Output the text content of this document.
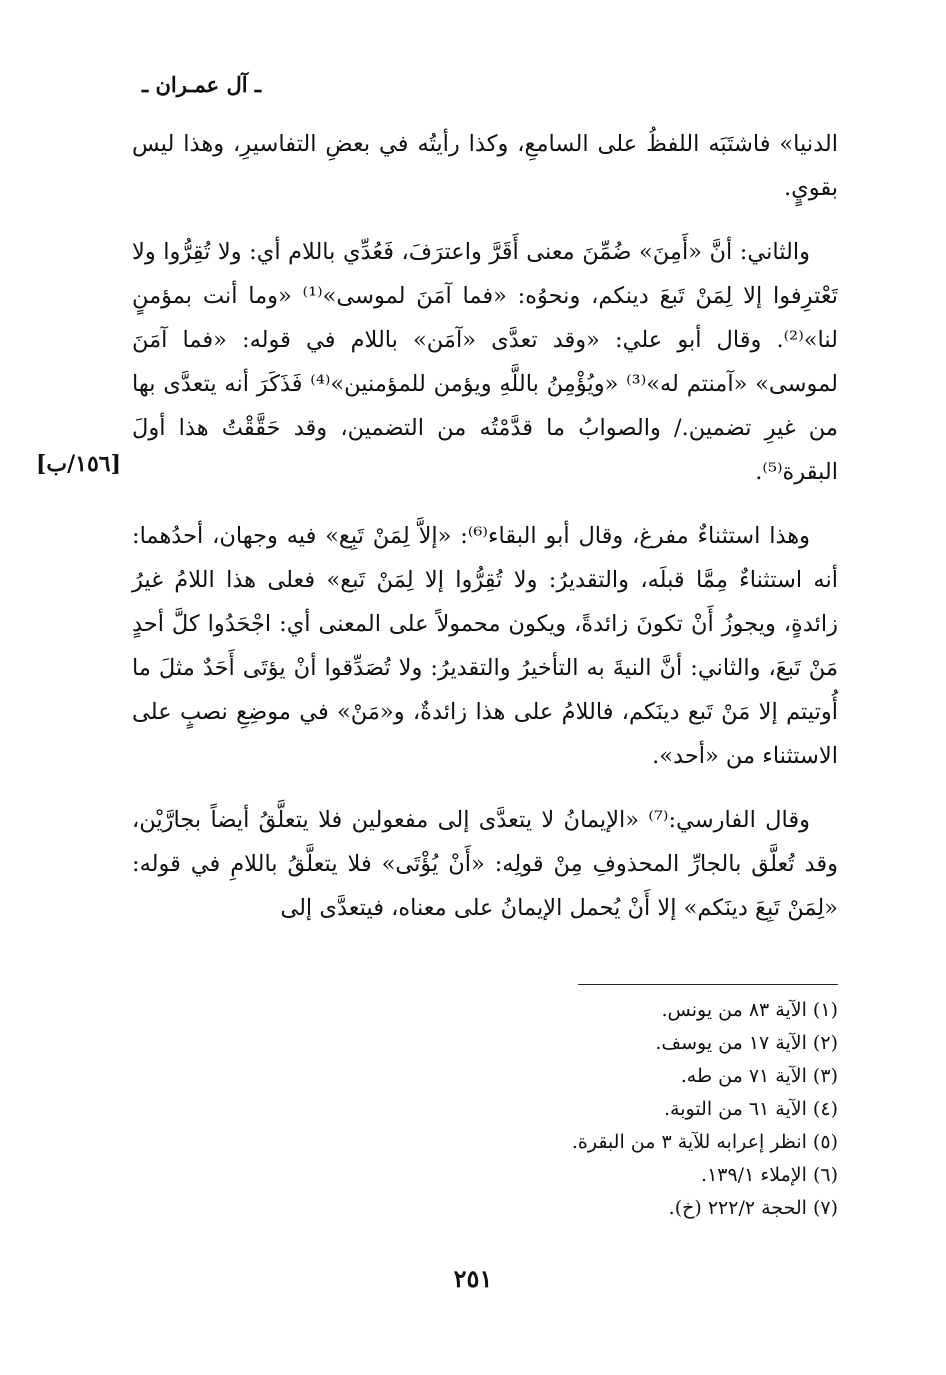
ـ آل عمـران ـ

الدنيا» فاشتَبَه اللفظُ على السامعِ، وكذا رأيتُه في بعضِ التفاسيرِ، وهذا ليس بقويٍ.

والثاني: أنَّ «أَمِنَ» ضُمِّنَ معنى أَقَرَّ واعترَفَ، فَعُدِّي باللام أي: ولا تُقِرُّوا ولا تَعْترِفوا إلا لِمَنْ تَبعَ دينكم، ونحوُه: «فما آمَنَ لموسى»⁽¹⁾ «وما أنت بمؤمنٍ لنا»⁽²⁾. وقال أبو علي: «وقد تعدَّى «آمَن» باللام في قوله: «فما آمَنَ لموسى» «آمنتم له»⁽³⁾ «ويُؤْمِنُ باللَّهِ ويؤمن للمؤمنين»⁽⁴⁾ فَذَكَرَ أنه يتعدَّى بها من غيرِ تضمين./ والصوابُ ما قدَّمْتُه من التضمين، وقد حَقَّقْتُ هذا أولَ البقرة⁽⁵⁾.

وهذا استثناءٌ مفرغ، وقال أبو البقاء⁽⁶⁾: «إلاَّ لِمَنْ تَبِع» فيه وجهان، أحدُهما: أنه استثناءٌ مِمَّا قبلَه، والتقديرُ: ولا تُقِرُّوا إلا لِمَنْ تَبع» فعلى هذا اللامُ غيرُ زائدةٍ، ويجوزُ أَنْ تكونَ زائدةً، ويكون محمولاً على المعنى أي: اجْحَدُوا كلَّ أحدٍ مَنْ تَبعَ، والثاني: أنَّ النيةَ به التأخيرُ والتقديرُ: ولا تُصَدِّقوا أنْ يؤتَى أَحَدٌ مثلَ ما أُوتيتم إلا مَنْ تَبع دينَكم، فاللامُ على هذا زائدةٌ، و«مَنْ» في موضِعِ نصبٍ على الاستثناء من «أحد».

وقال الفارسي:⁽⁷⁾ «الإيمانُ لا يتعدَّى إلى مفعولين فلا يتعلَّقُ أيضاً بجارَّيْن، وقد تُعلَّق بالجارِّ المحذوفِ مِنْ قولِه: «أَنْ يُؤْتَى» فلا يتعلَّقُ باللامِ في قوله: «لِمَنْ تَبِعَ دينَكم» إلا أَنْ يُحمل الإيمانُ على معناه، فيتعدَّى إلى

[١٥٦/ب]
(١) الآية ٨٣ من يونس.
(٢) الآية ١٧ من يوسف.
(٣) الآية ٧١ من طه.
(٤) الآية ٦١ من التوبة.
(٥) انظر إعرابه للآية ٣ من البقرة.
(٦) الإملاء ١٣٩/١.
(٧) الحجة ٢٢٢/٢ (خ).
٢٥١
